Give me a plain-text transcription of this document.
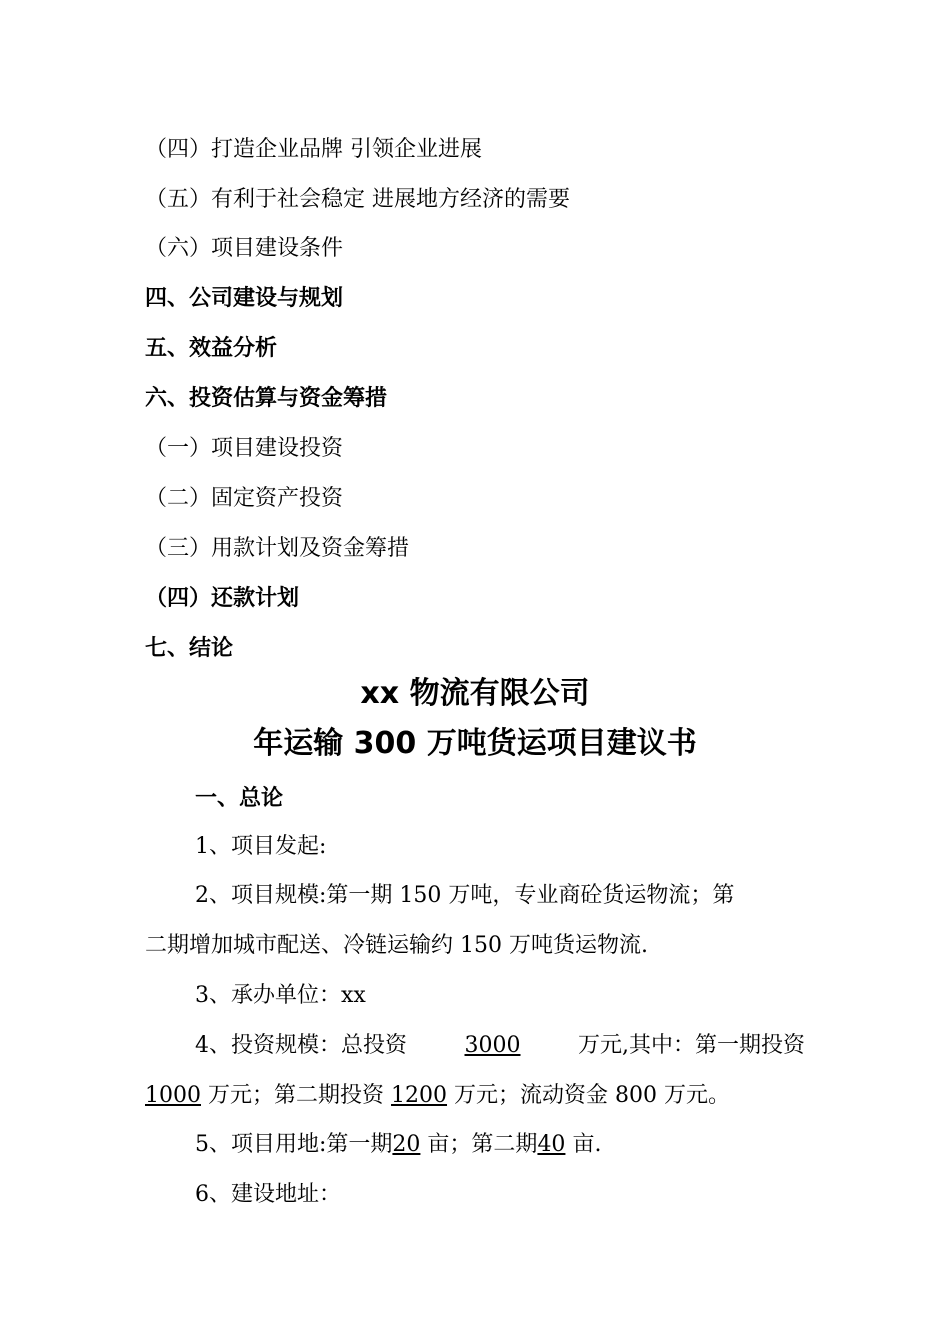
（四）打造企业品牌 引领企业进展
（五）有利于社会稳定 进展地方经济的需要
（六）项目建设条件
四、公司建设与规划
五、效益分析
六、投资估算与资金筹措
（一）项目建设投资
（二）固定资产投资
（三）用款计划及资金筹措
（四）还款计划
七、结论
xx 物流有限公司
年运输 300 万吨货运项目建议书
一、总论
1、项目发起:
2、项目规模:第一期 150 万吨，专业商砼货运物流；第
二期增加城市配送、冷链运输约 150 万吨货运物流.
3、承办单位：xx
4、投资规模：总投资	3000	万元,其中：第一期投资
1000 万元；第二期投资 1200 万元；流动资金 800 万元。
5、项目用地:第一期20 亩；第二期40 亩.
6、建设地址：
